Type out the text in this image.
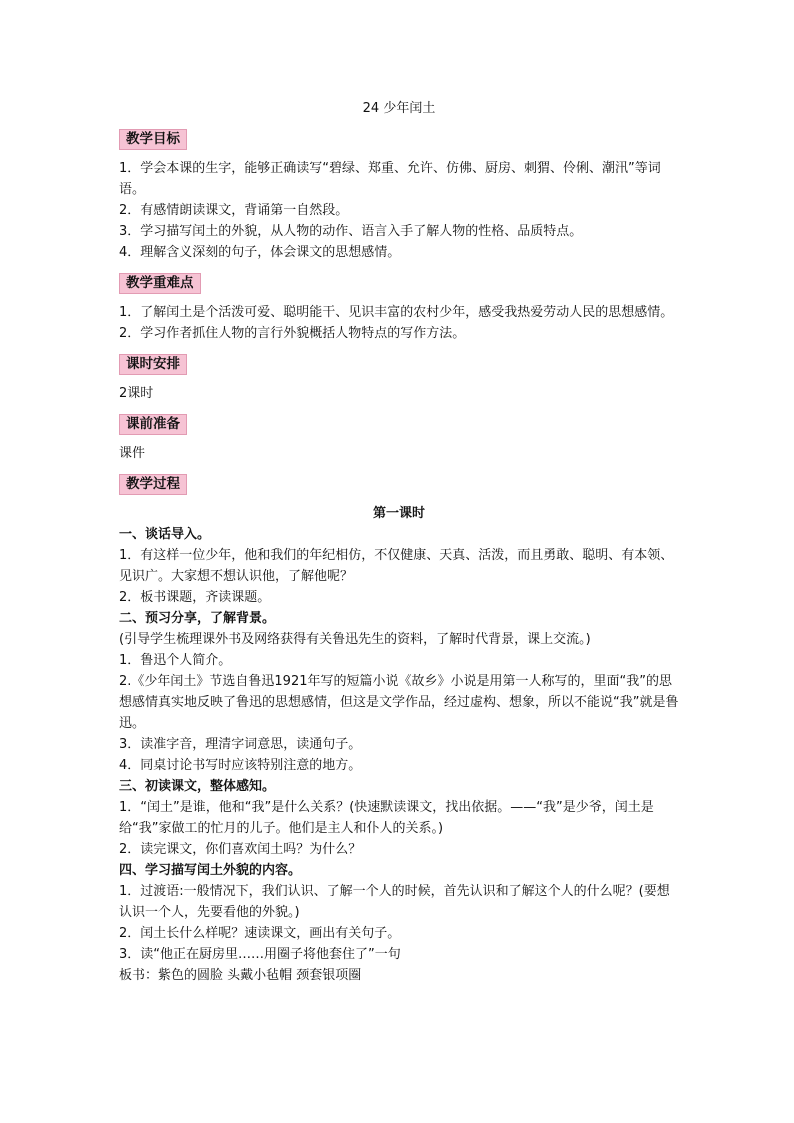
24 少年闰土

教学目标

1．学会本课的生字，能够正确读写“碧绿、郑重、允许、仿佛、厨房、刺猬、伶俐、潮汛”等词语。

2．有感情朗读课文，背诵第一自然段。

3．学习描写闰土的外貌，从人物的动作、语言入手了解人物的性格、品质特点。

4．理解含义深刻的句子，体会课文的思想感情。

教学重难点

1．了解闰土是个活泼可爱、聪明能干、见识丰富的农村少年，感受我热爱劳动人民的思想感情。

2．学习作者抓住人物的言行外貌概括人物特点的写作方法。

课时安排

2课时

课前准备

课件

教学过程

第一课时

一、谈话导入。

1．有这样一位少年，他和我们的年纪相仿，不仅健康、天真、活泼，而且勇敢、聪明、有本领、见识广。大家想不想认识他，了解他呢？

2．板书课题，齐读课题。

二、预习分享，了解背景。

(引导学生梳理课外书及网络获得有关鲁迅先生的资料，了解时代背景，课上交流。)

1．鲁迅个人简介。

2.《少年闰土》节选自鲁迅1921年写的短篇小说《故乡》小说是用第一人称写的，里面“我”的思想感情真实地反映了鲁迅的思想感情，但这是文学作品，经过虚构、想象，所以不能说“我”就是鲁迅。

3．读准字音，理清字词意思，读通句子。

4．同桌讨论书写时应该特别注意的地方。

三、初读课文，整体感知。

1．“闰土”是谁，他和“我”是什么关系？(快速默读课文，找出依据。——“我”是少爷，闰土是给“我”家做工的忙月的儿子。他们是主人和仆人的关系。)

2．读完课文，你们喜欢闰土吗？为什么？

四、学习描写闰土外貌的内容。

1．过渡语:一般情况下，我们认识、了解一个人的时候，首先认识和了解这个人的什么呢？(要想认识一个人，先要看他的外貌。)

2．闰土长什么样呢？速读课文，画出有关句子。

3．读“他正在厨房里……用圈子将他套住了”一句

板书：紫色的圆脸 头戴小毡帽 颈套银项圈
